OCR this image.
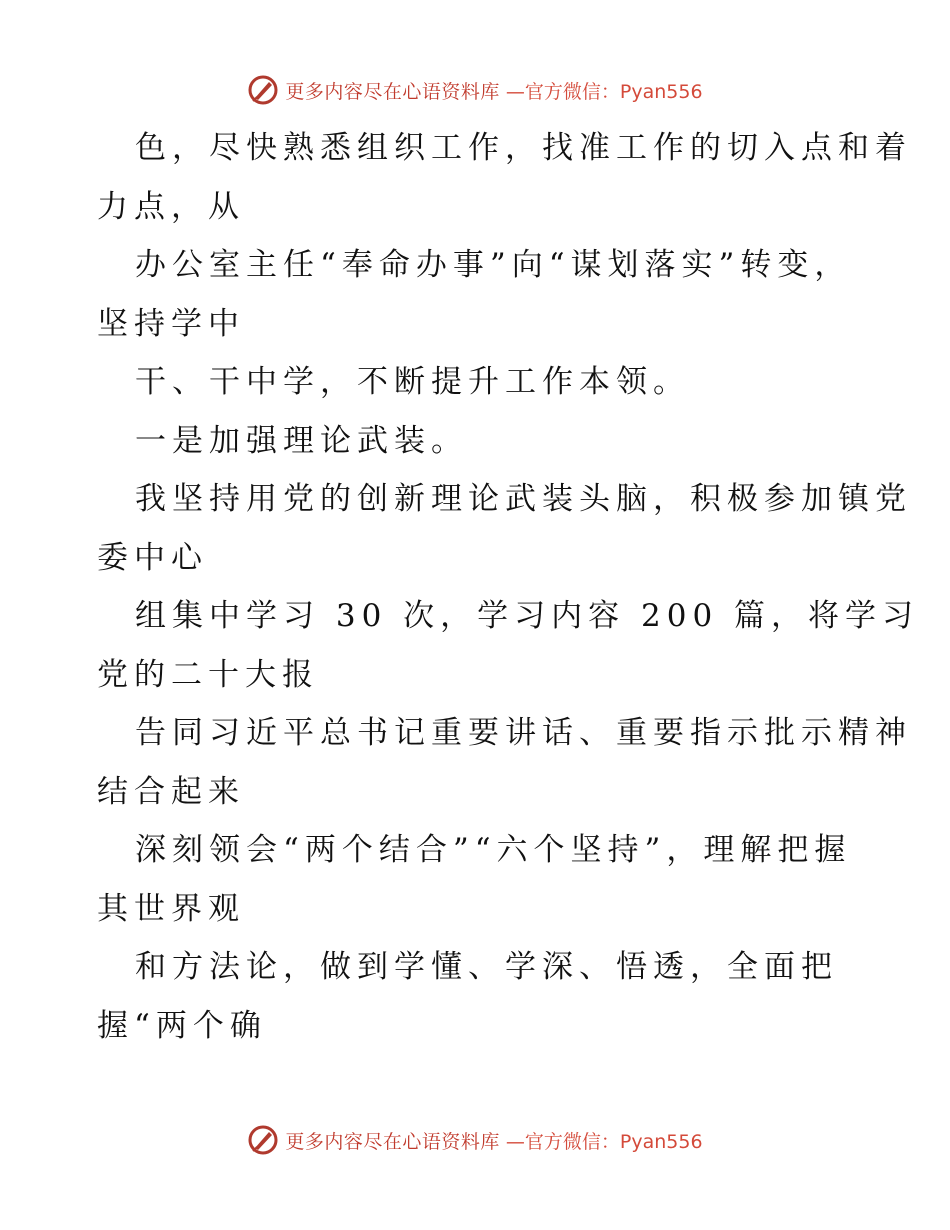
更多内容尽在心语资料库 —官方微信：Pyan556
色，尽快熟悉组织工作，找准工作的切入点和着
力点，从
办公室主任“奉命办事”向“谋划落实”转变，
坚持学中
干、干中学，不断提升工作本领。
一是加强理论武装。
我坚持用党的创新理论武装头脑，积极参加镇党
委中心
组集中学习 30 次，学习内容 200 篇，将学习
党的二十大报
告同习近平总书记重要讲话、重要指示批示精神
结合起来
深刻领会“两个结合”“六个坚持”，理解把握
其世界观
和方法论，做到学懂、学深、悟透，全面把
握“两个确
更多内容尽在心语资料库 —官方微信：Pyan556
